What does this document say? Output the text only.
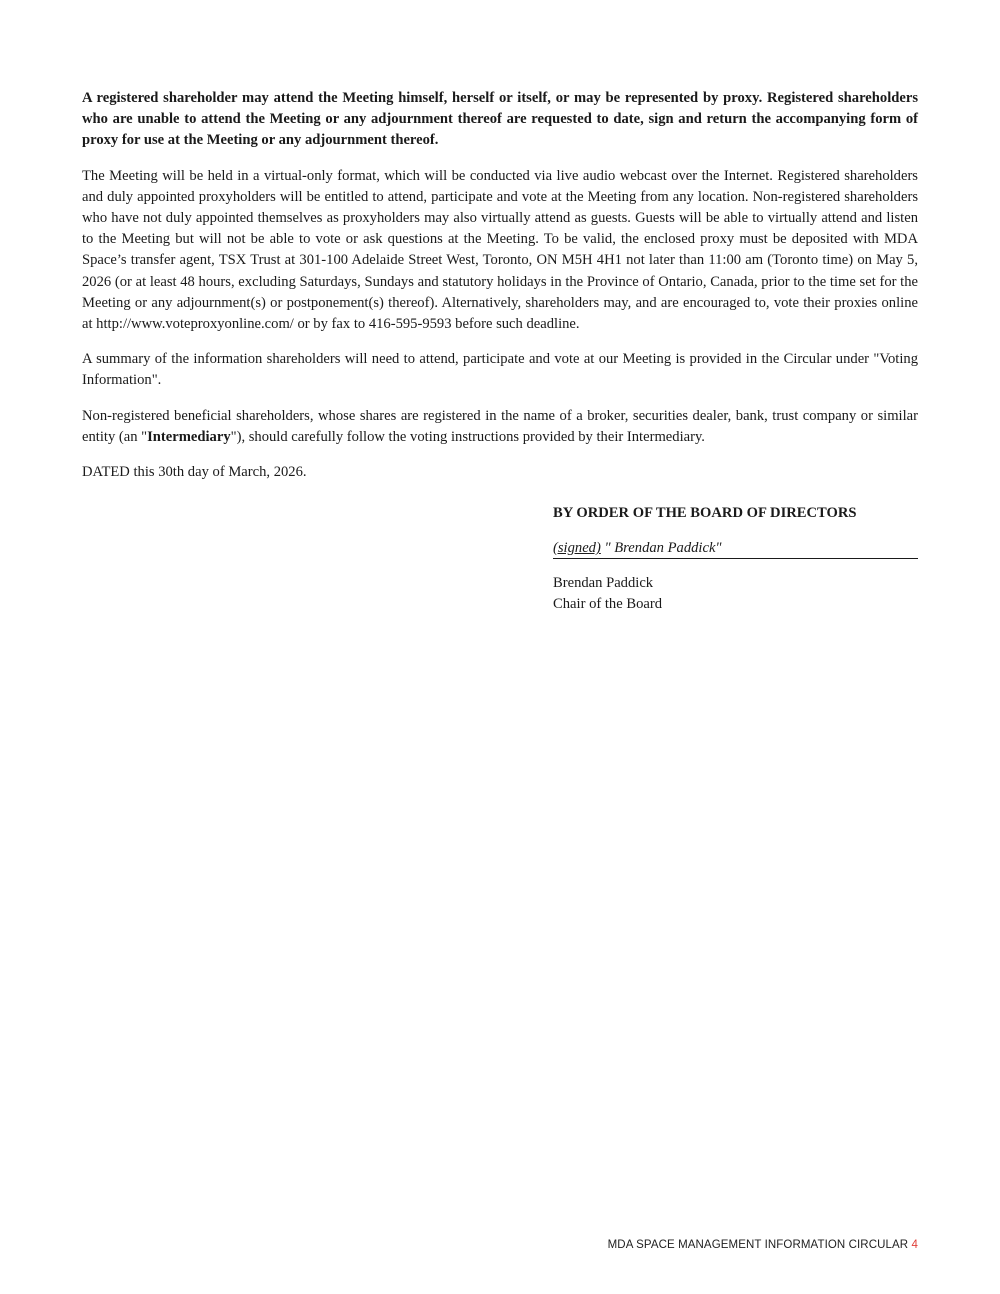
A registered shareholder may attend the Meeting himself, herself or itself, or may be represented by proxy. Registered shareholders who are unable to attend the Meeting or any adjournment thereof are requested to date, sign and return the accompanying form of proxy for use at the Meeting or any adjournment thereof.

The Meeting will be held in a virtual-only format, which will be conducted via live audio webcast over the Internet. Registered shareholders and duly appointed proxyholders will be entitled to attend, participate and vote at the Meeting from any location. Non-registered shareholders who have not duly appointed themselves as proxyholders may also virtually attend as guests. Guests will be able to virtually attend and listen to the Meeting but will not be able to vote or ask questions at the Meeting. To be valid, the enclosed proxy must be deposited with MDA Space’s transfer agent, TSX Trust at 301-100 Adelaide Street West, Toronto, ON M5H 4H1 not later than 11:00 am (Toronto time) on May 5, 2026 (or at least 48 hours, excluding Saturdays, Sundays and statutory holidays in the Province of Ontario, Canada, prior to the time set for the Meeting or any adjournment(s) or postponement(s) thereof). Alternatively, shareholders may, and are encouraged to, vote their proxies online at http://www.voteproxyonline.com/ or by fax to 416-595-9593 before such deadline.

A summary of the information shareholders will need to attend, participate and vote at our Meeting is provided in the Circular under "Voting Information".

Non-registered beneficial shareholders, whose shares are registered in the name of a broker, securities dealer, bank, trust company or similar entity (an "Intermediary"), should carefully follow the voting instructions provided by their Intermediary.

DATED this 30th day of March, 2026.

BY ORDER OF THE BOARD OF DIRECTORS

(signed) " Brendan Paddick"

Brendan Paddick

Chair of the Board

MDA SPACE MANAGEMENT INFORMATION CIRCULAR 4
